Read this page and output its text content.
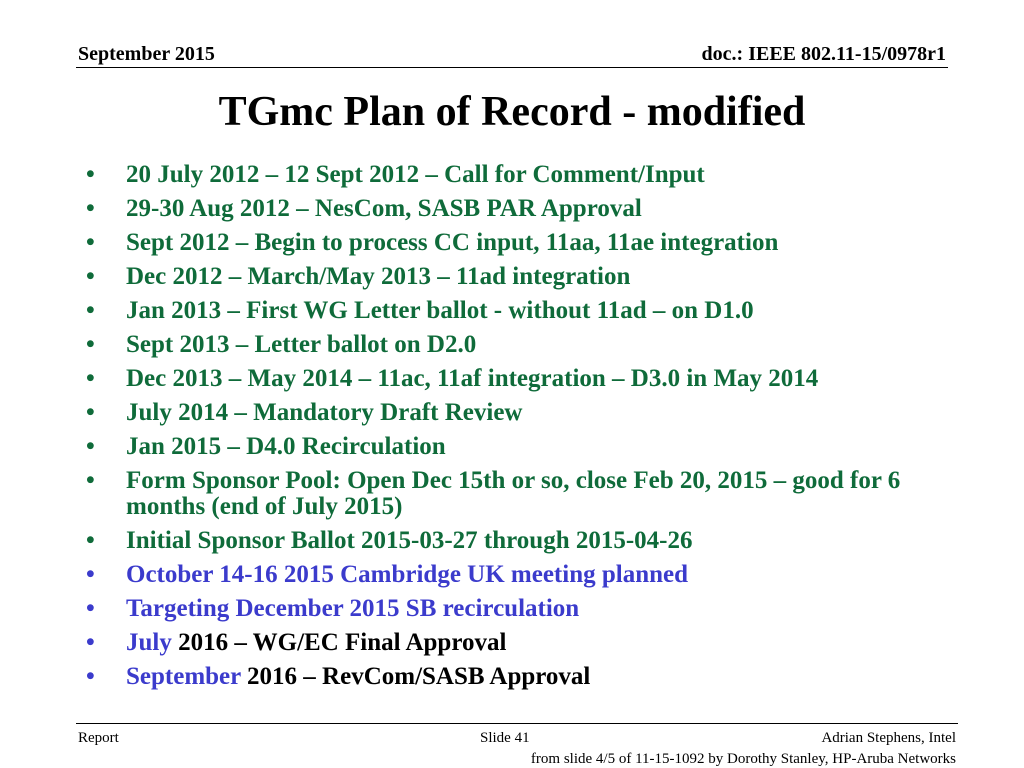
September 2015	doc.: IEEE 802.11-15/0978r1
TGmc Plan of Record - modified
•	20 July 2012 – 12 Sept 2012 – Call for Comment/Input
•	29-30 Aug 2012 – NesCom, SASB PAR Approval
•	Sept 2012 – Begin to process CC input, 11aa, 11ae integration
•	Dec 2012 – March/May 2013 – 11ad integration
•	Jan 2013 – First WG Letter ballot - without 11ad – on D1.0
•	Sept 2013 – Letter ballot on D2.0
•	Dec 2013 – May 2014 – 11ac, 11af integration – D3.0 in May 2014
•	July 2014 – Mandatory Draft Review
•	Jan 2015 – D4.0 Recirculation
•	Form Sponsor Pool: Open Dec 15th or so, close Feb 20, 2015 – good for 6 months (end of July 2015)
•	Initial Sponsor Ballot 2015-03-27 through 2015-04-26
•	October 14-16 2015 Cambridge UK meeting planned
•	Targeting December 2015 SB recirculation
•	July 2016 – WG/EC Final Approval
•	September 2016 – RevCom/SASB Approval
Report	Slide 41	Adrian Stephens, Intel
from slide 4/5 of 11-15-1092 by Dorothy Stanley, HP-Aruba Networks
